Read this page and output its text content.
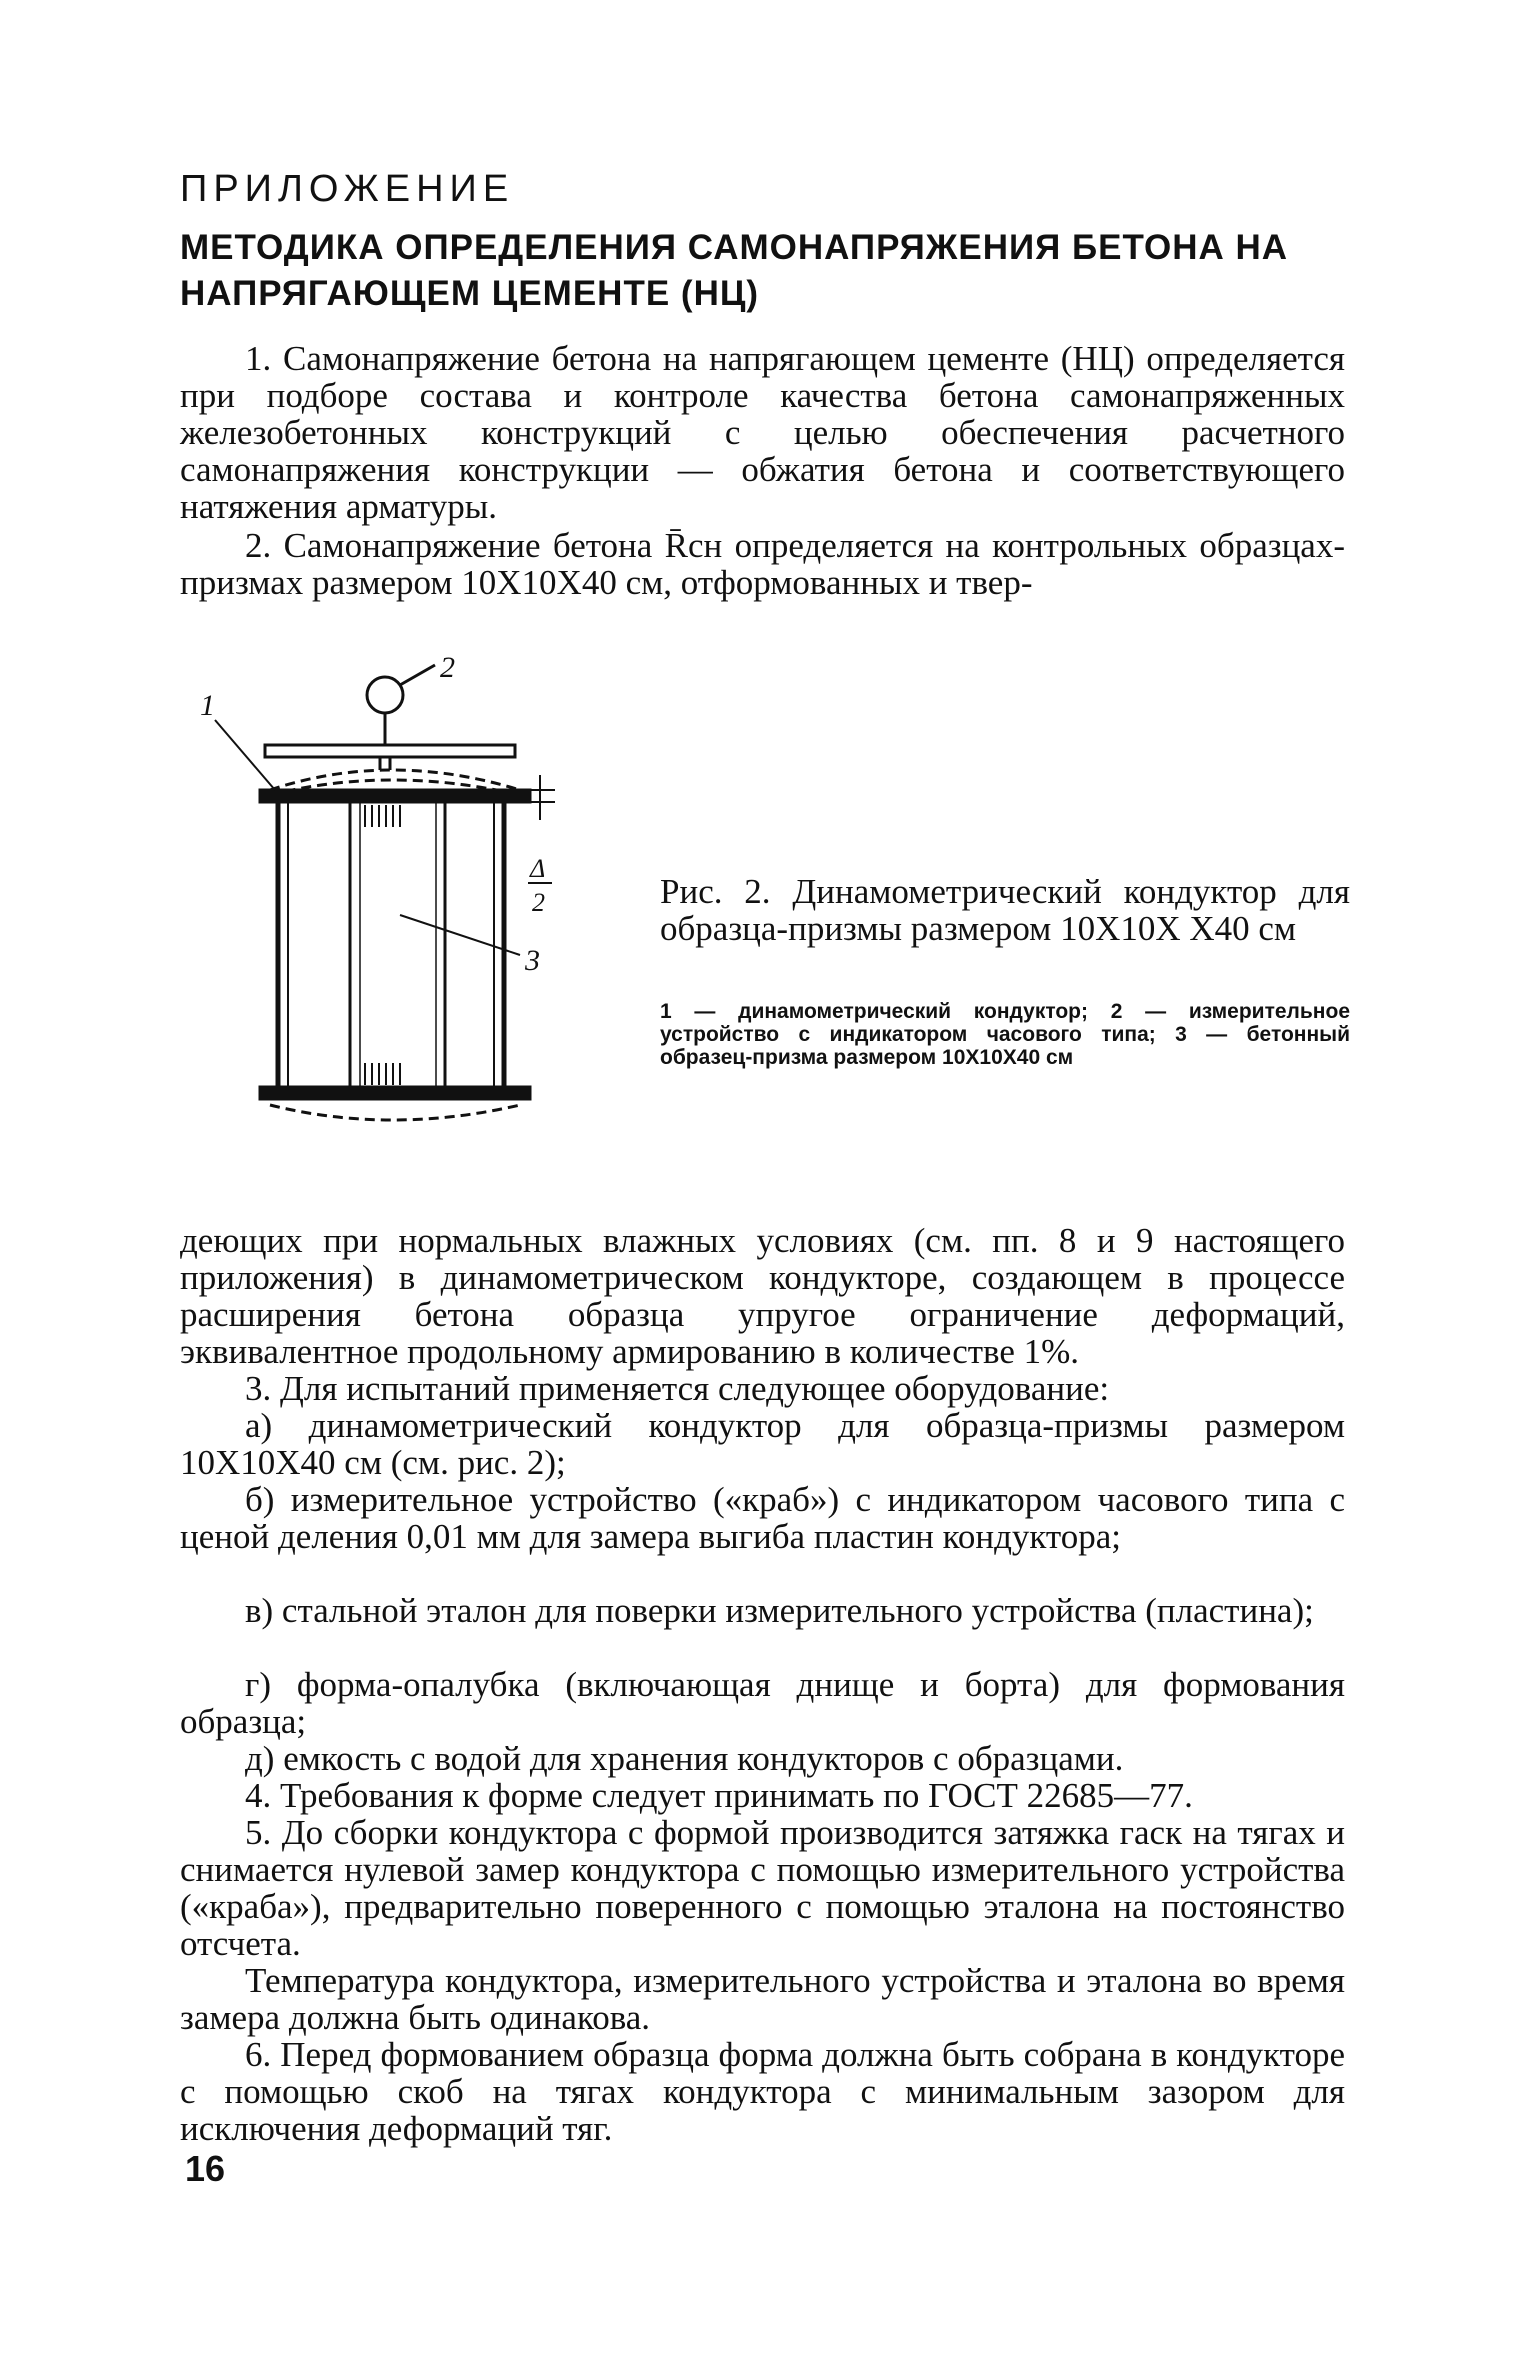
ПРИЛОЖЕНИЕ
МЕТОДИКА ОПРЕДЕЛЕНИЯ САМОНАПРЯЖЕНИЯ БЕТОНА НА НАПРЯГАЮЩЕМ ЦЕМЕНТЕ (НЦ)

1. Самонапряжение бетона на напрягающем цементе (НЦ) определяется при подборе состава и контроле качества бетона самонапряженных железобетонных конструкций с целью обеспечения расчетного самонапряжения конструкции — обжатия бетона и соответствующего натяжения арматуры.

2. Самонапряжение бетона R̄сн определяется на контрольных образцах-призмах размером 10X10X40 см, отформованных и твер-

1
2
3
Δ
2	Рис. 2. Динамометрический кондуктор для образца-призмы размером 10X10X X40 см

1 — динамометрический кондуктор; 2 — измерительное устройство с индикатором часового типа; 3 — бетонный образец-призма размером 10X10X40 см

деющих при нормальных влажных условиях (см. пп. 8 и 9 настоящего приложения) в динамометрическом кондукторе, создающем в процессе расширения бетона образца упругое ограничение деформаций, эквивалентное продольному армированию в количестве 1%.

3. Для испытаний применяется следующее оборудование:

а) динамометрический кондуктор для образца-призмы размером 10X10X40 см (см. рис. 2);

б) измерительное устройство («краб») с индикатором часового типа с ценой деления 0,01 мм для замера выгиба пластин кондуктора;

в) стальной эталон для поверки измерительного устройства (пластина);

г) форма-опалубка (включающая днище и борта) для формования образца;

д) емкость с водой для хранения кондукторов с образцами.

4. Требования к форме следует принимать по ГОСТ 22685—77.

5. До сборки кондуктора с формой производится затяжка гаск на тягах и снимается нулевой замер кондуктора с помощью измерительного устройства («краба»), предварительно поверенного с помощью эталона на постоянство отсчета.

Температура кондуктора, измерительного устройства и эталона во время замера должна быть одинакова.

6. Перед формованием образца форма должна быть собрана в кондукторе с помощью скоб на тягах кондуктора с минимальным зазором для исключения деформаций тяг.

16
